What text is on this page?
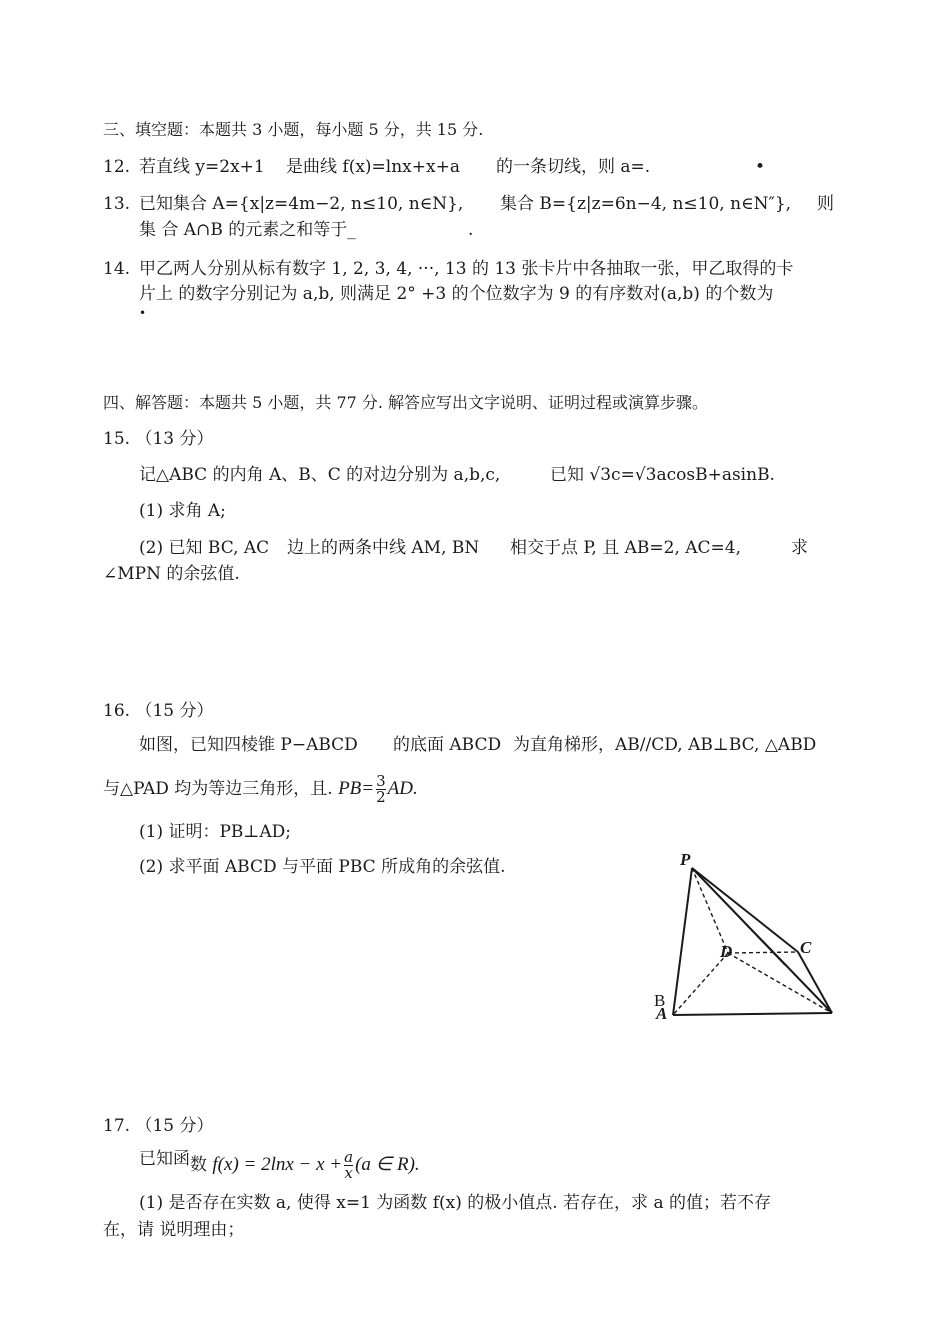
三、填空题：本题共 3 小题，每小题 5 分，共 15 分.
12. 若直线 y=2x+1 是曲线 f(x)=lnx+x+a 的一条切线，则 a=.	•
13. 已知集合 A={x|z=4m−2, n≤10, n∈N}, 集合 B={z|z=6n−4, n≤10, n∈N″}, 则
集 合 A∩B 的元素之和等于_	.
14. 甲乙两人分别从标有数字 1, 2, 3, 4, ···, 13 的 13 张卡片中各抽取一张，甲乙取得的卡
片上 的数字分别记为 a,b, 则满足 2° +3 的个位数字为 9 的有序数对(a,b) 的个数为
•
四、解答题：本题共 5 小题，共 77 分. 解答应写出文字说明、证明过程或演算步骤。
15. （13 分）
记△ABC 的内角 A、B、C 的对边分别为 a,b,c,	已知 √3c=√3acosB+asinB.
(1) 求角 A;
(2) 已知 BC, AC 边上的两条中线 AM, BN 相交于点 P, 且 AB=2, AC=4,	求
∠MPN 的余弦值.
16. （15 分）
如图，已知四棱锥 P−ABCD 的底面 ABCD 为直角梯形，AB//CD, AB⊥BC, △ABD
与△PAD 均为等边三角形，且. $PB= \frac{3}{2}$ AD.
(1) 证明：PB⊥AD;
(2) 求平面 ABCD 与平面 PBC 所成角的余弦值.	P
D	C
B
A
17. （15 分）
已知函数 $f(x) = 2\ln x - x + \frac{a}{x} (a$ ∈ R).
(1) 是否存在实数 a, 使得 x=1 为函数 f(x) 的极小值点. 若存在，求 a 的值；若不存
在，请 说明理由；
